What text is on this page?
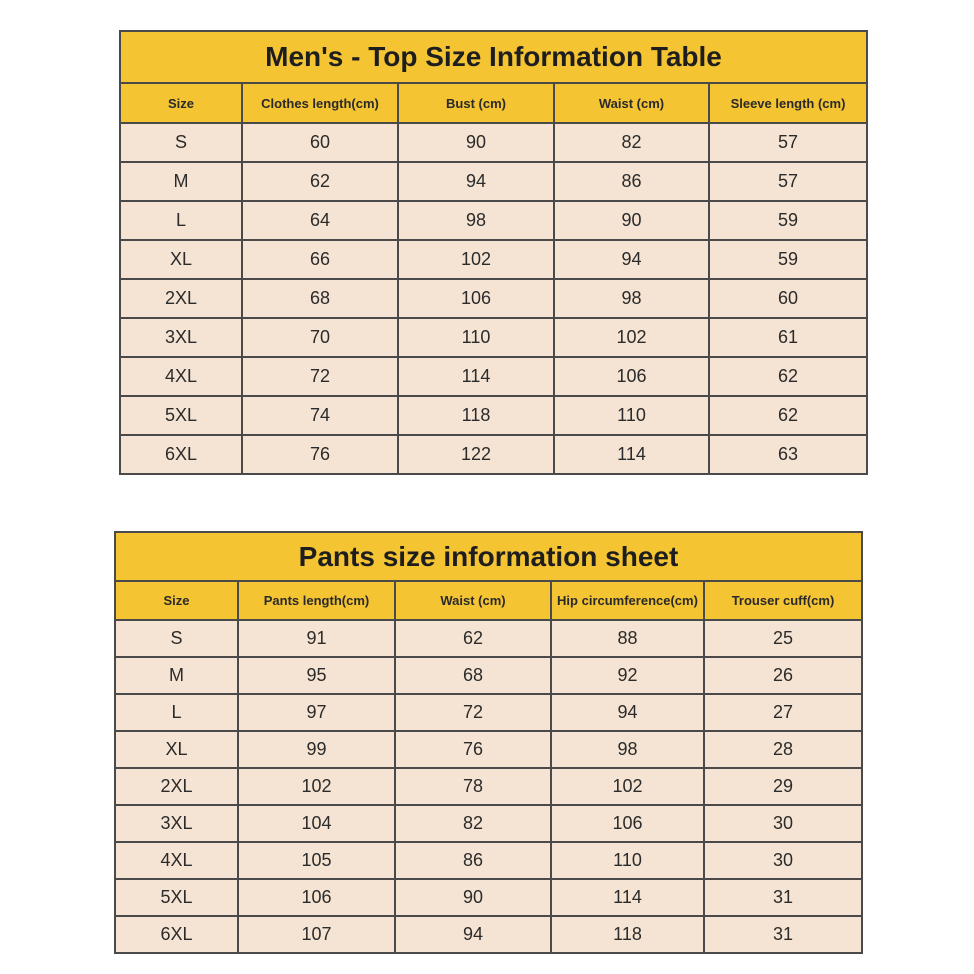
Men's - Top Size Information Table				
Size	Clothes length(cm)	Bust (cm)	Waist (cm)	Sleeve length (cm)
S	60	90	82	57
M	62	94	86	57
L	64	98	90	59
XL	66	102	94	59
2XL	68	106	98	60
3XL	70	110	102	61
4XL	72	114	106	62
5XL	74	118	110	62
6XL	76	122	114	63
Pants size information sheet				
Size	Pants length(cm)	Waist (cm)	Hip circumference(cm)	Trouser cuff(cm)
S	91	62	88	25
M	95	68	92	26
L	97	72	94	27
XL	99	76	98	28
2XL	102	78	102	29
3XL	104	82	106	30
4XL	105	86	110	30
5XL	106	90	114	31
6XL	107	94	118	31
